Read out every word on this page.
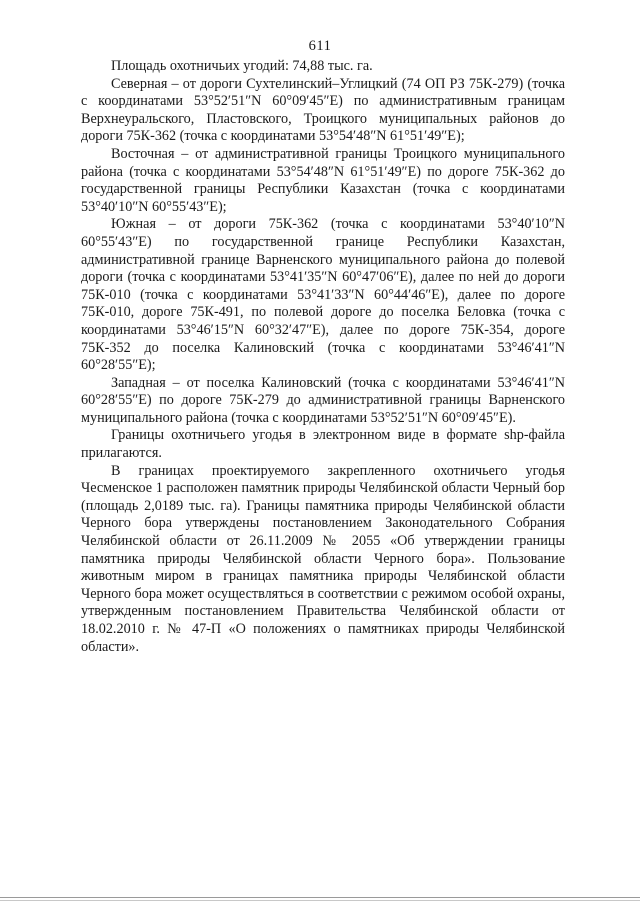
611

Площадь охотничьих угодий: 74,88 тыс. га.

Северная – от дороги Сухтелинский–Углицкий (74 ОП РЗ 75К-279) (точка с координатами 53°52′51″N 60°09′45″E) по административным границам Верхнеуральского, Пластовского, Троицкого муниципальных районов до дороги 75К-362 (точка с координатами 53°54′48″N 61°51′49″E);

Восточная – от административной границы Троицкого муниципального района (точка с координатами 53°54′48″N 61°51′49″E) по дороге 75К-362 до государственной границы Республики Казахстан (точка с координатами 53°40′10″N 60°55′43″E);

Южная – от дороги 75К-362 (точка с координатами 53°40′10″N 60°55′43″E) по государственной границе Республики Казахстан, административной границе Варненского муниципального района до полевой дороги (точка с координатами 53°41′35″N 60°47′06″E), далее по ней до дороги 75К-010 (точка с координатами 53°41′33″N 60°44′46″E), далее по дороге 75К-010, дороге 75К-491, по полевой дороге до поселка Беловка (точка с координатами 53°46′15″N 60°32′47″E), далее по дороге 75К-354, дороге 75К-352 до поселка Калиновский (точка с координатами 53°46′41″N 60°28′55″E);

Западная – от поселка Калиновский (точка с координатами 53°46′41″N 60°28′55″E) по дороге 75К-279 до административной границы Варненского муниципального района (точка с координатами 53°52′51″N 60°09′45″E).

Границы охотничьего угодья в электронном виде в формате shp-файла прилагаются.

В границах проектируемого закрепленного охотничьего угодья Чесменское 1 расположен памятник природы Челябинской области Черный бор (площадь 2,0189 тыс. га). Границы памятника природы Челябинской области Черного бора утверждены постановлением Законодательного Собрания Челябинской области от 26.11.2009 № 2055 «Об утверждении границы памятника природы Челябинской области Черного бора». Пользование животным миром в границах памятника природы Челябинской области Черного бора может осуществляться в соответствии с режимом особой охраны, утвержденным постановлением Правительства Челябинской области от 18.02.2010 г. № 47-П «О положениях о памятниках природы Челябинской области».
